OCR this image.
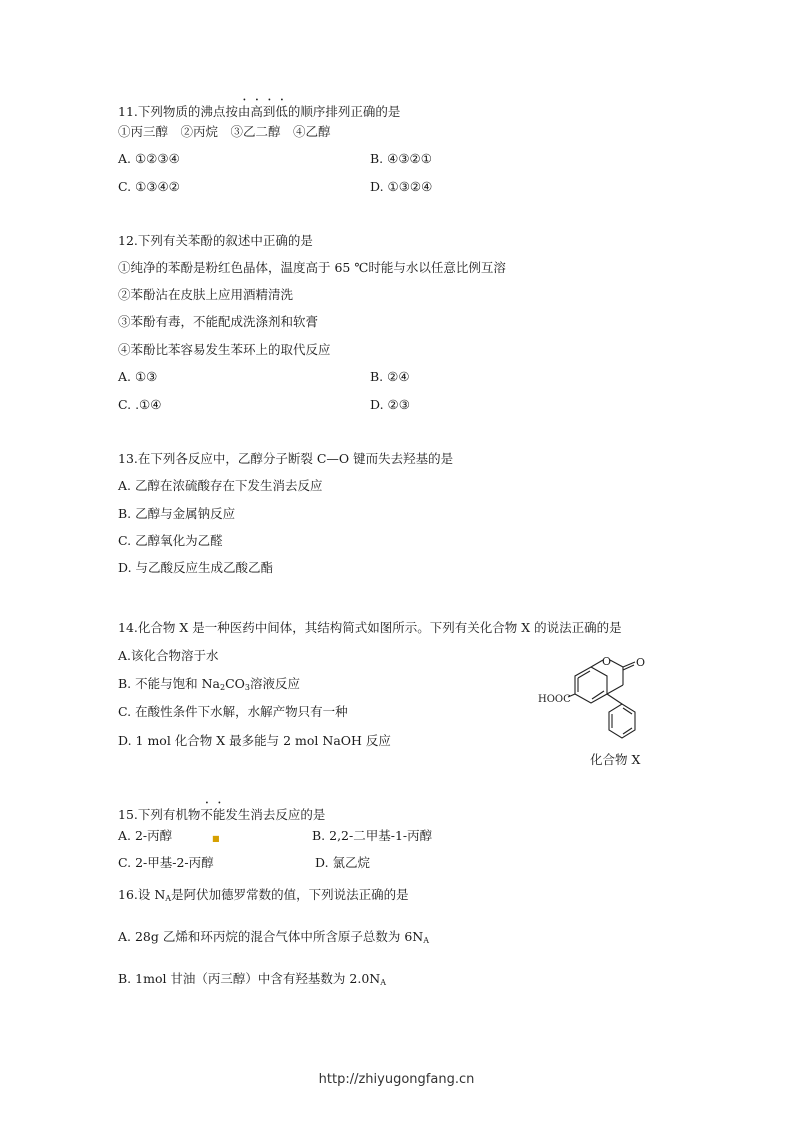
11.下列物质的沸点按由高到低的顺序排列正确的是
①丙三醇　②丙烷　③乙二醇　④乙醇
A. ①②③④	B. ④③②①
C. ①③④②	D. ①③②④
12.下列有关苯酚的叙述中正确的是
①纯净的苯酚是粉红色晶体，温度高于 65 ℃时能与水以任意比例互溶
②苯酚沾在皮肤上应用酒精清洗
③苯酚有毒，不能配成洗涤剂和软膏
④苯酚比苯容易发生苯环上的取代反应
A. ①③	B. ②④
C. .①④	D. ②③
13.在下列各反应中，乙醇分子断裂 C—O 键而失去羟基的是
A. 乙醇在浓硫酸存在下发生消去反应
B. 乙醇与金属钠反应
C. 乙醇氧化为乙醛
D. 与乙酸反应生成乙酸乙酯
14.化合物 X 是一种医药中间体，其结构简式如图所示。下列有关化合物 X 的说法正确的是
A.该化合物溶于水
B. 不能与饱和 $Na_2CO_3$溶液反应
C. 在酸性条件下水解，水解产物只有一种
D. 1 mol 化合物 X 最多能与 2 mol NaOH 反应
O O
HOOC
化合物 X
15.下列有机物不能发生消去反应的是
A. 2-丙醇	■	B. 2,2-二甲基-1-丙醇
C. 2-甲基-2-丙醇	D. 氯乙烷
16.设 $N_A$是阿伏加德罗常数的值，下列说法正确的是
A. 28g 乙烯和环丙烷的混合气体中所含原子总数为 $6N_A$
B. 1mol 甘油（丙三醇）中含有羟基数为 $2.0N_A$
http://zhiyugongfang.cn
